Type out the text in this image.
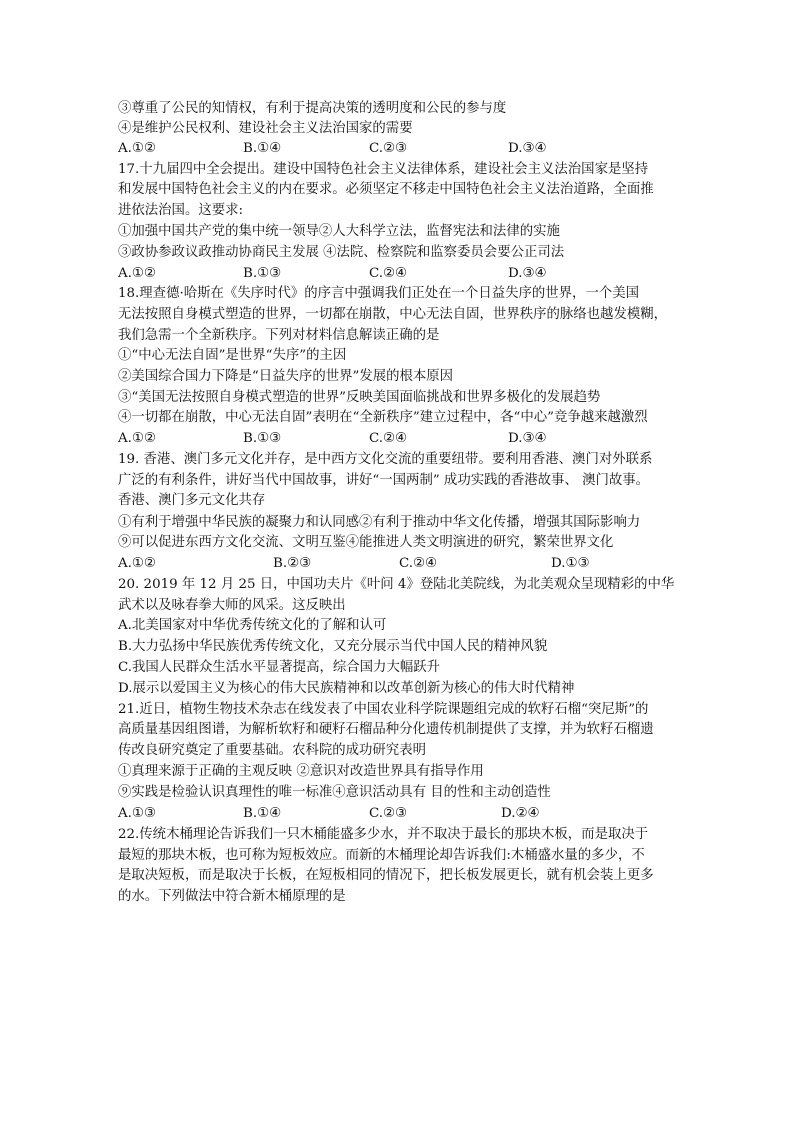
③尊重了公民的知情权，有利于提高决策的透明度和公民的参与度
④是维护公民权利、建设社会主义法治国家的需要
A.①②	B.①④	C.②③	D.③④
17.十九届四中全会提出。建设中国特色社会主义法律体系，建设社会主义法治国家是坚持
和发展中国特色社会主义的内在要求。必须坚定不移走中国特色社会主义法治道路，全面推
进依法治国。这要求:
①加强中国共产党的集中统一领导②人大科学立法，监督宪法和法律的实施
③政协参政议政推动协商民主发展 ④法院、检察院和监察委员会要公正司法
A.①②	B.①③	C.②④	D.③④
18.理查德·哈斯在《失序时代》的序言中强调我们正处在一个日益失序的世界，一个美国
无法按照自身模式塑造的世界，一切都在崩散，中心无法自固，世界秩序的脉络也越发模糊，
我们急需一个全新秩序。下列对材料信息解读正确的是
①“中心无法自固”是世界“失序”的主因
②美国综合国力下降是“日益失序的世界”发展的根本原因
③“美国无法按照自身模式塑造的世界”反映美国面临挑战和世界多极化的发展趋势
④一切都在崩散，中心无法自固”表明在“全新秩序”建立过程中，各“中心”竞争越来越激烈
A.①②	B.①③	C.②④	D.③④
19. 香港、澳门多元文化并存，是中西方文化交流的重要纽带。要利用香港、澳门对外联系
广泛的有利条件，讲好当代中国故事，讲好“一国两制” 成功实践的香港故事、 澳门故事。
香港、澳门多元文化共存
①有利于增强中华民族的凝聚力和认同感②有利于推动中华文化传播，增强其国际影响力
⑨可以促进东西方文化交流、文明互鉴④能推进人类文明演进的研究，繁荣世界文化
A.①②	B.②③	C.②④	D.①③
20. 2019 年 12 月 25 日，中国功夫片《叶问 4》登陆北美院线，为北美观众呈现精彩的中华
武术以及咏春拳大师的风采。这反映出
A.北美国家对中华优秀传统文化的了解和认可
B.大力弘扬中华民族优秀传统文化，又充分展示当代中国人民的精神风貌
C.我国人民群众生活水平显著提高，综合国力大幅跃升
D.展示以爱国主义为核心的伟大民族精神和以改革创新为核心的伟大时代精神
21.近日，植物生物技术杂志在线发表了中国农业科学院课题组完成的软籽石榴“突尼斯”的
高质量基因组图谱，为解析软籽和硬籽石榴品种分化遗传机制提供了支撑，并为软籽石榴遗
传改良研究奠定了重要基础。农科院的成功研究表明
①真理来源于正确的主观反映 ②意识对改造世界具有指导作用
⑨实践是检验认识真理性的唯一标准④意识活动具有 目的性和主动创造性
A.①③	B.①④	C.②③	D.②④
22.传统木桶理论告诉我们一只木桶能盛多少水，并不取决于最长的那块木板，而是取决于
最短的那块木板，也可称为短板效应。而新的木桶理论却告诉我们:木桶盛水量的多少，不
是取决短板，而是取决于长板，在短板相同的情况下，把长板发展更长，就有机会装上更多
的水。下列做法中符合新木桶原理的是
